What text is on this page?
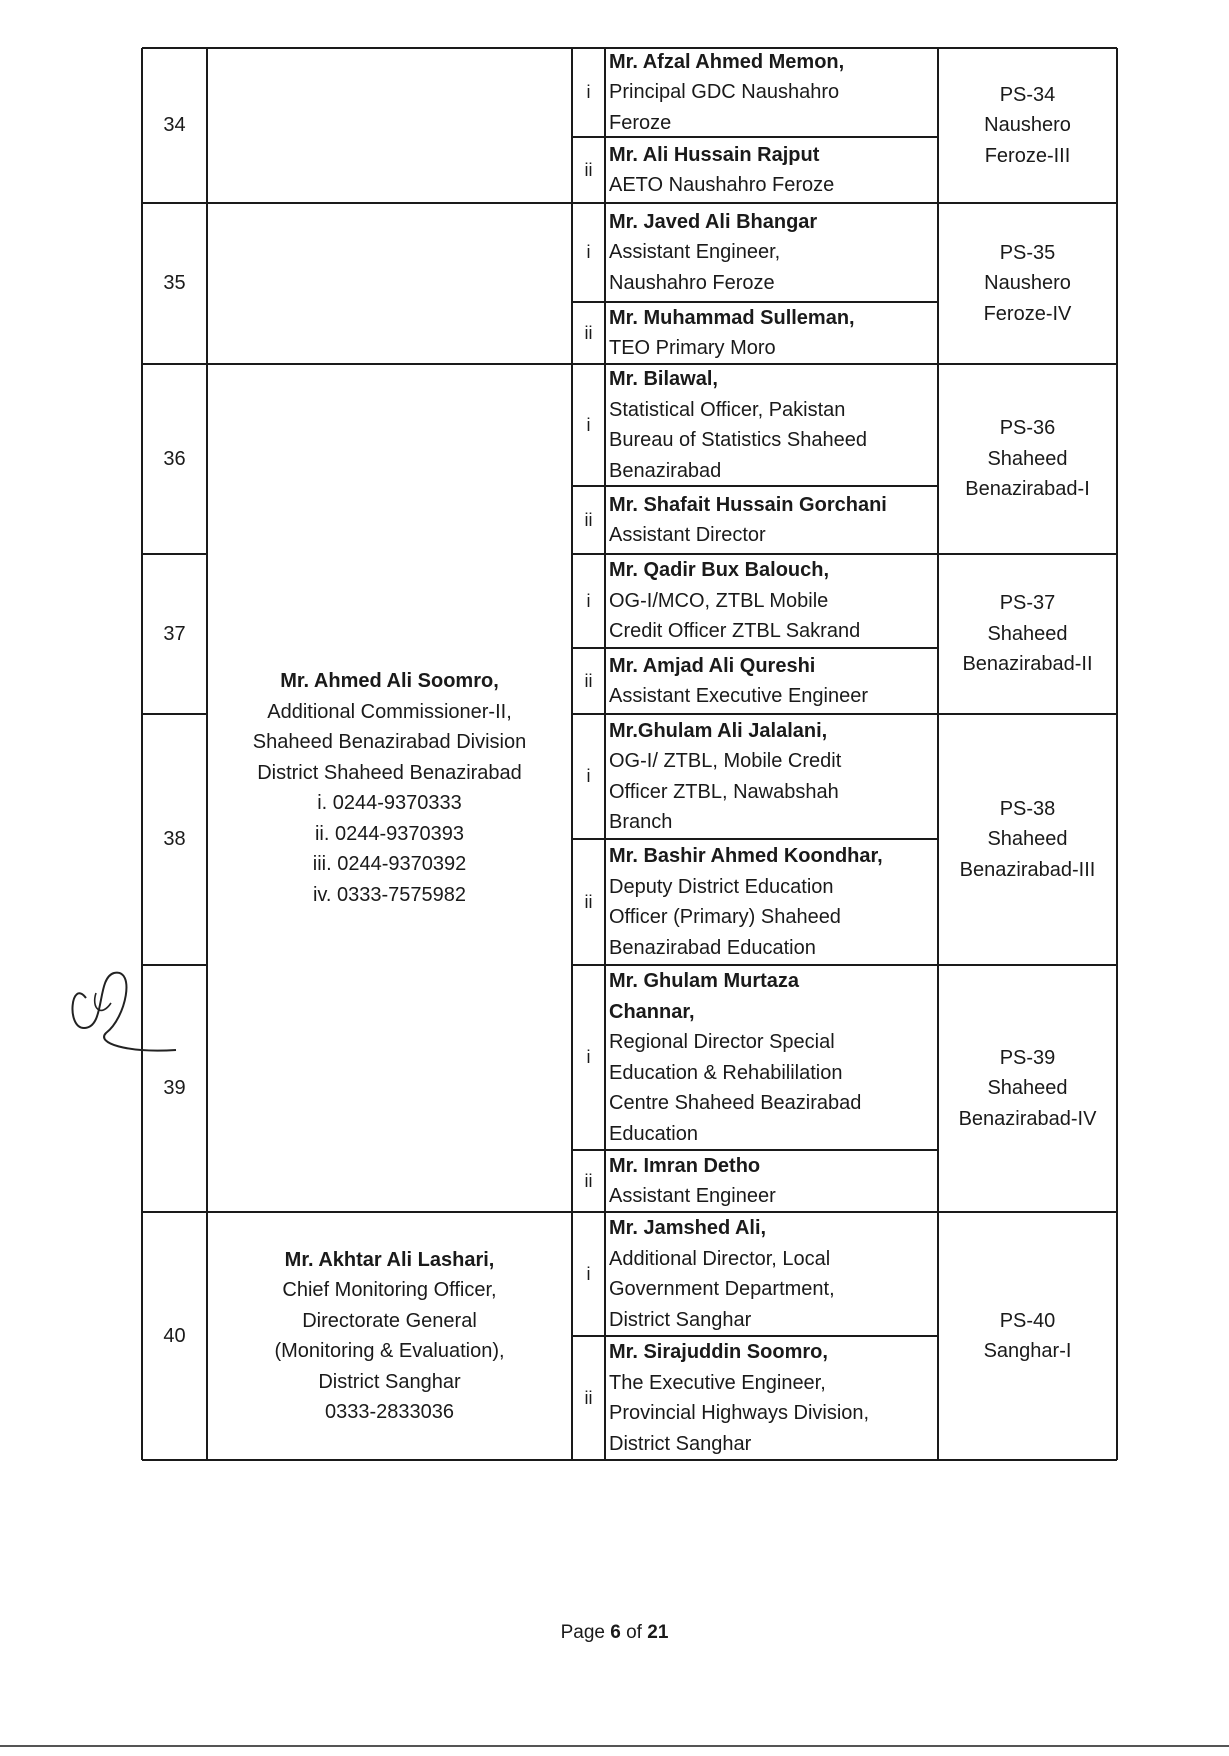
34
PS-34
Naushero
Feroze-III
i
Mr. Afzal Ahmed Memon,
Principal GDC Naushahro
Feroze
ii
Mr. Ali Hussain Rajput
AETO Naushahro Feroze
35
PS-35
Naushero
Feroze-IV
i
Mr. Javed Ali Bhangar
Assistant Engineer,
Naushahro Feroze
ii
Mr. Muhammad Sulleman,
TEO Primary Moro
36
PS-36
Shaheed
Benazirabad-I
i
Mr. Bilawal,
Statistical Officer, Pakistan
Bureau of Statistics Shaheed
Benazirabad
ii
Mr. Shafait Hussain Gorchani
Assistant Director
37
PS-37
Shaheed
Benazirabad-II
i
Mr. Qadir Bux Balouch,
OG-I/MCO, ZTBL Mobile
Credit Officer ZTBL Sakrand
ii
Mr. Amjad Ali Qureshi
Assistant Executive Engineer
38
PS-38
Shaheed
Benazirabad-III
i
Mr.Ghulam Ali Jalalani,
OG-I/ ZTBL, Mobile Credit
Officer ZTBL, Nawabshah
Branch
ii
Mr. Bashir Ahmed Koondhar,
Deputy District Education
Officer (Primary) Shaheed
Benazirabad Education
39
PS-39
Shaheed
Benazirabad-IV
i
Mr. Ghulam Murtaza
Channar,
Regional Director Special
Education & Rehabililation
Centre Shaheed Beazirabad
Education
ii
Mr. Imran Detho
Assistant Engineer
40
PS-40
Sanghar-I
i
Mr. Jamshed Ali,
Additional Director, Local
Government Department,
District Sanghar
ii
Mr. Sirajuddin Soomro,
The Executive Engineer,
Provincial Highways Division,
District Sanghar
Mr. Ahmed Ali Soomro,
Additional Commissioner-II,
Shaheed Benazirabad Division
District Shaheed Benazirabad
i. 0244-9370333
ii. 0244-9370393
iii. 0244-9370392
iv. 0333-7575982
Mr. Akhtar Ali Lashari,
Chief Monitoring Officer,
Directorate General
(Monitoring & Evaluation),
District Sanghar
0333-2833036
Page 6 of 21
